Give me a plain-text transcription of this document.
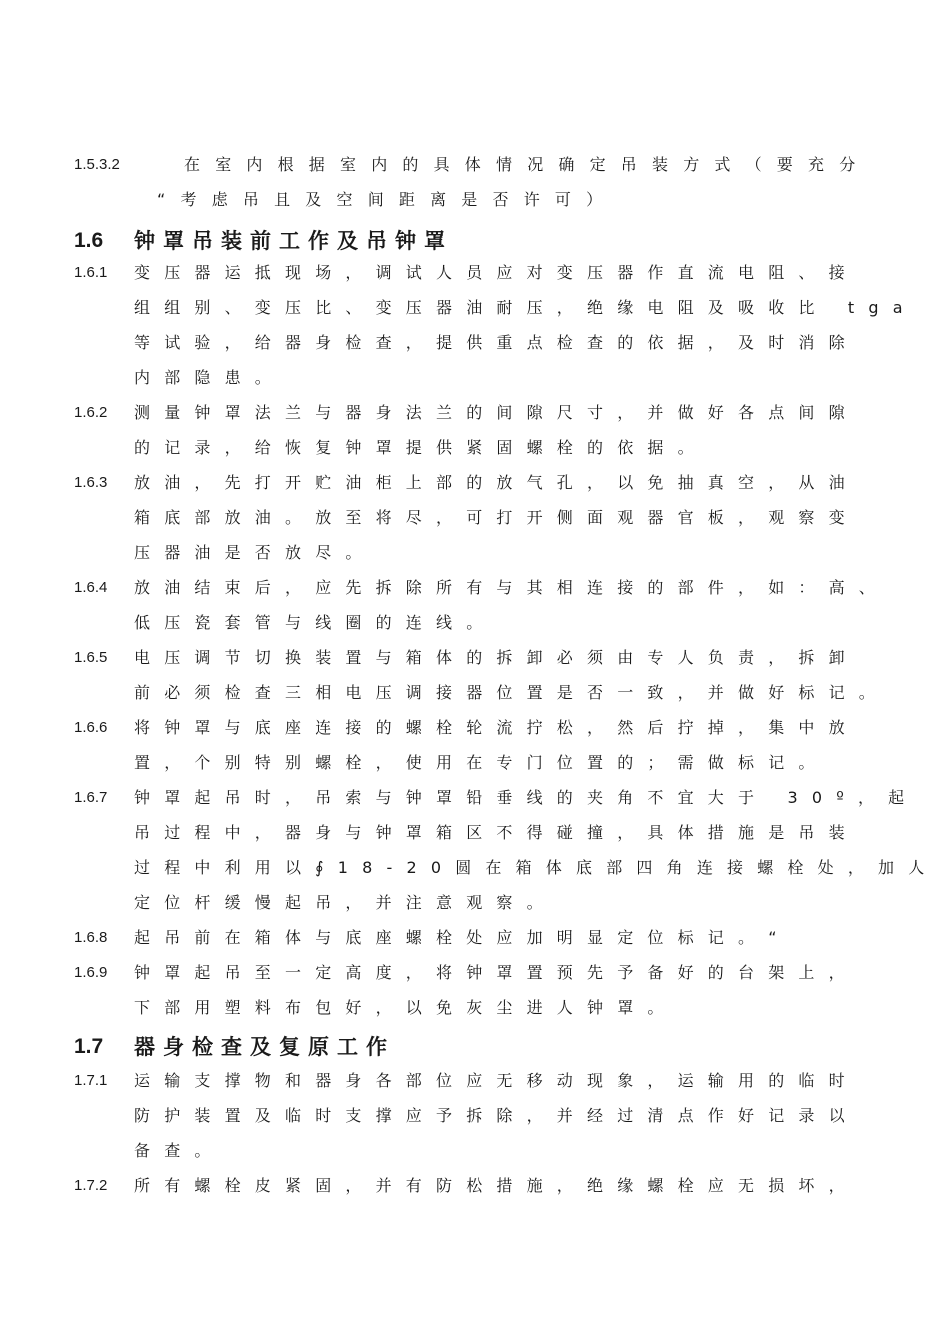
1.5.3.2	在室内根据室内的具体情况确定吊装方式（要充分
“考虑吊且及空间距离是否许可）
1.6 钟罩吊装前工作及吊钟罩
1.6.1 变压器运抵现场，调试人员应对变压器作直流电阻、接
组组别、变压比、变压器油耐压，绝缘电阻及吸收比 tga
等试验，给器身检查，提供重点检查的依据，及时消除
内部隐患。
1.6.2 测量钟罩法兰与器身法兰的间隙尺寸，并做好各点间隙
的记录，给恢复钟罩提供紧固螺栓的依据。
1.6.3 放油，先打开贮油柜上部的放气孔，以免抽真空，从油
箱底部放油。放至将尽，可打开侧面观器官板，观察变
压器油是否放尽。
1.6.4 放油结束后，应先拆除所有与其相连接的部件，如：高、
低压瓷套管与线圈的连线。
1.6.5 电压调节切换装置与箱体的拆卸必须由专人负责，拆卸
前必须检查三相电压调接器位置是否一致，并做好标记。
1.6.6 将钟罩与底座连接的螺栓轮流拧松，然后拧掉，集中放
置，个别特别螺栓，使用在专门位置的；需做标记。
1.6.7 钟罩起吊时，吊索与钟罩铅垂线的夹角不宜大于 30º，起
吊过程中，器身与钟罩箱区不得碰撞，具体措施是吊装
过程中利用以∮18-20圆在箱体底部四角连接螺栓处，加人
定位杆缓慢起吊，并注意观察。
1.6.8 起吊前在箱体与底座螺栓处应加明显定位标记。“
1.6.9 钟罩起吊至一定高度，将钟罩置预先予备好的台架上，
下部用塑料布包好，以免灰尘进人钟罩。
1.7 器身检查及复原工作
1.7.1 运输支撑物和器身各部位应无移动现象，运输用的临时
防护装置及临时支撑应予拆除，并经过清点作好记录以
备查。
1.7.2 所有螺栓皮紧固，并有防松措施，绝缘螺栓应无损坏，
